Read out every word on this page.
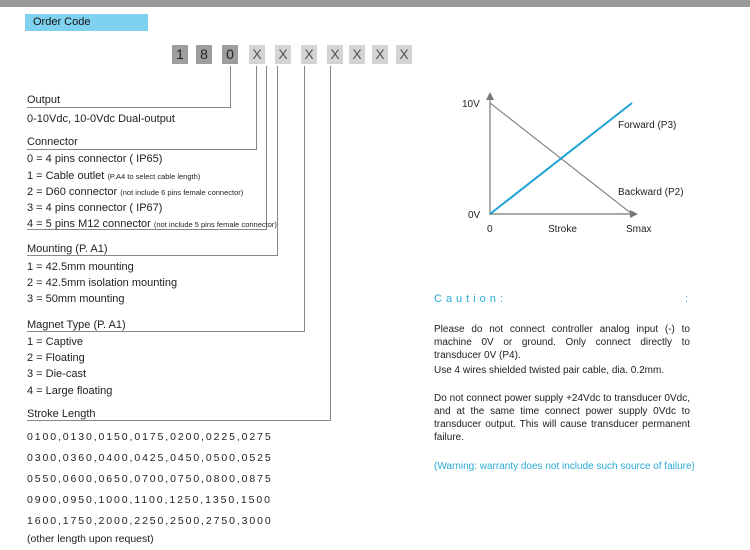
Order Code
1 8 0 X X X X X X X
Output
0-10Vdc, 10-0Vdc Dual-output
Connector
0 = 4 pins connector ( IP65)
1 = Cable outlet (P.A4 to select cable length)
2 = D60 connector (not include 6 pins female connector)
3 = 4 pins connector ( IP67)
4 = 5 pins M12 connector (not include 5 pins female connector)
Mounting (P. A1)
1 = 42.5mm mounting
2 = 42.5mm isolation mounting
3 = 50mm mounting
Magnet Type (P. A1)
1 = Captive
2 = Floating
3 = Die-cast
4 = Large floating
Stroke Length
0100,0130,0150,0175,0200,0225,0275
0300,0360,0400,0425,0450,0500,0525
0550,0600,0650,0700,0750,0800,0875
0900,0950,1000,1100,1250,1350,1500
1600,1750,2000,2250,2500,2750,3000
(other length upon request)
10V
0V
0	Stroke	Smax
Forward (P3)
Backward (P2)
Caution:	:
Please do not connect controller analog input (-) to machine 0V or ground. Only connect directly to transducer 0V (P4).
Use 4 wires shielded twisted pair cable, dia. 0.2mm.
Do not connect power supply +24Vdc to transducer 0Vdc, and at the same time connect power supply 0Vdc to transducer output. This will cause transducer permanent failure.
(Warning: warranty does not include such source of failure)
